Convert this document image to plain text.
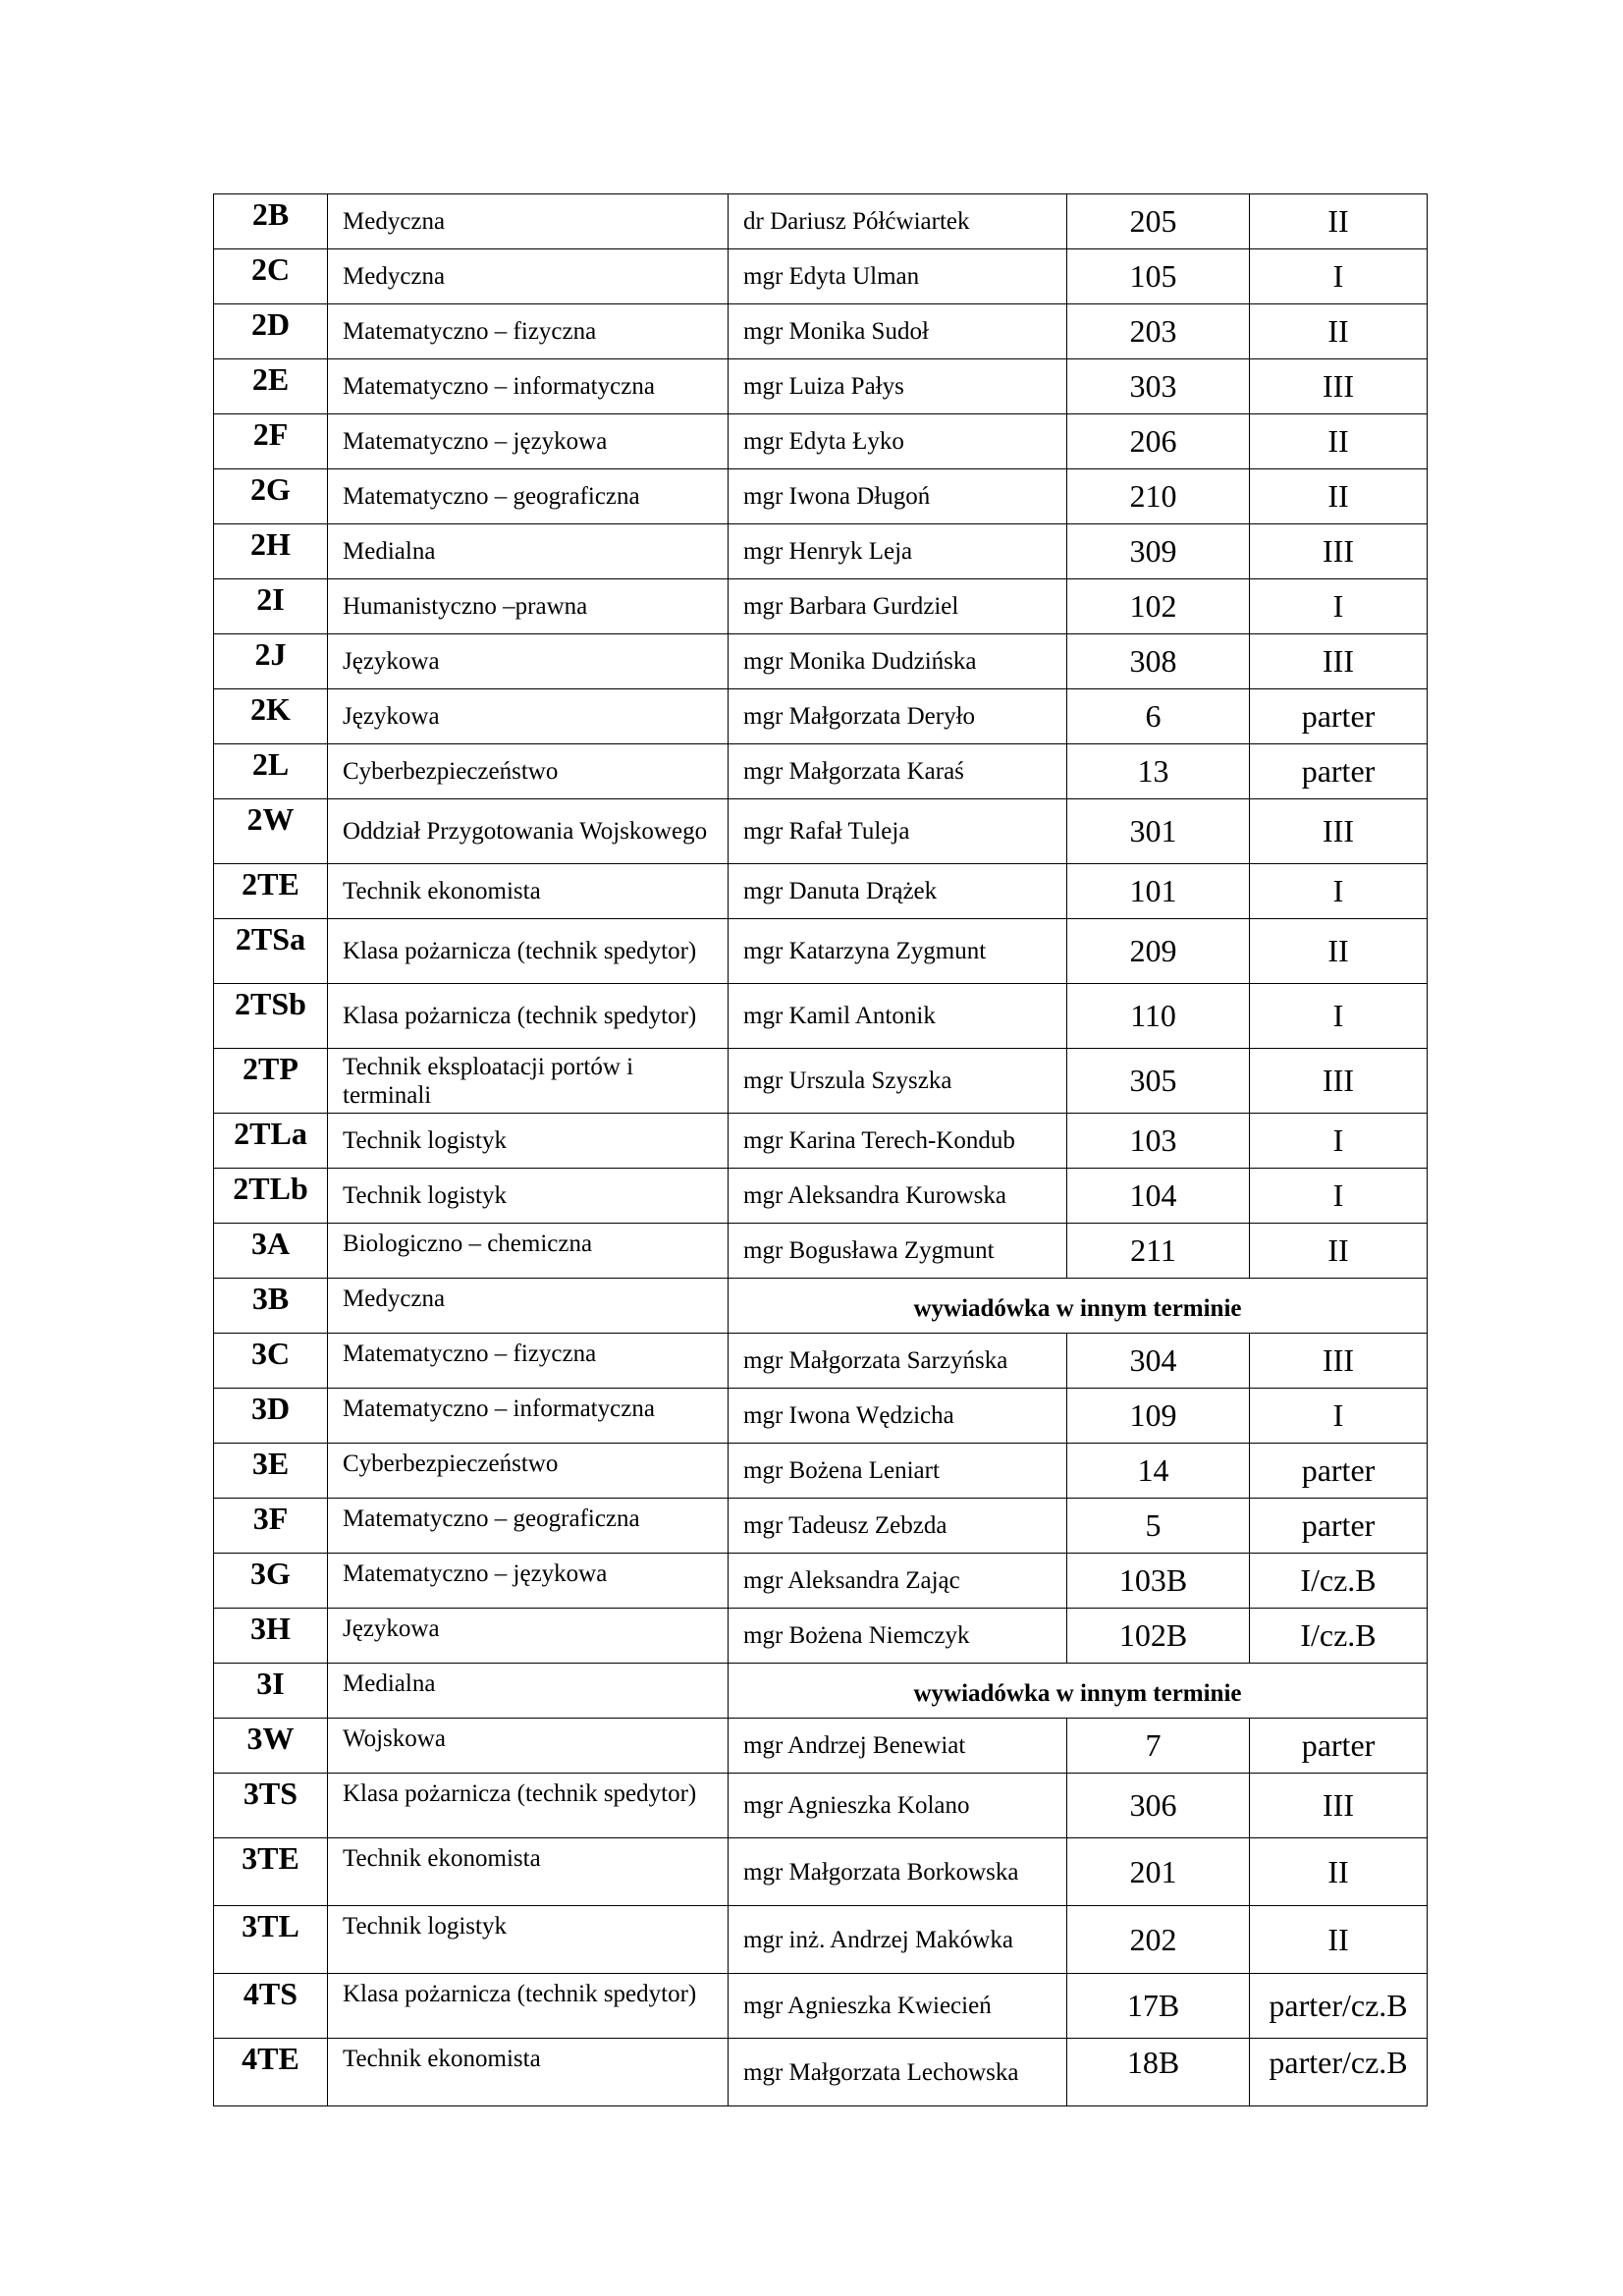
2B	Medyczna	dr Dariusz Półćwiartek	205	II
2C	Medyczna	mgr Edyta Ulman	105	I
2D	Matematyczno – fizyczna	mgr Monika Sudoł	203	II
2E	Matematyczno – informatyczna	mgr Luiza Pałys	303	III
2F	Matematyczno – językowa	mgr Edyta Łyko	206	II
2G	Matematyczno – geograficzna	mgr Iwona Długoń	210	II
2H	Medialna	mgr Henryk Leja	309	III
2I	Humanistyczno –prawna	mgr Barbara Gurdziel	102	I
2J	Językowa	mgr Monika Dudzińska	308	III
2K	Językowa	mgr Małgorzata Deryło	6	parter
2L	Cyberbezpieczeństwo	mgr Małgorzata Karaś	13	parter
2W	Oddział Przygotowania Wojskowego	mgr Rafał Tuleja	301	III
2TE	Technik ekonomista	mgr Danuta Drążek	101	I
2TSa	Klasa pożarnicza (technik spedytor)	mgr Katarzyna Zygmunt	209	II
2TSb	Klasa pożarnicza (technik spedytor)	mgr Kamil Antonik	110	I
2TP	Technik eksploatacji portów i terminali	mgr Urszula Szyszka	305	III
2TLa	Technik logistyk	mgr Karina Terech-Kondub	103	I
2TLb	Technik logistyk	mgr Aleksandra Kurowska	104	I
3A	Biologiczno – chemiczna	mgr Bogusława Zygmunt	211	II
3B	Medyczna	wywiadówka w innym terminie		
3C	Matematyczno – fizyczna	mgr Małgorzata Sarzyńska	304	III
3D	Matematyczno – informatyczna	mgr Iwona Wędzicha	109	I
3E	Cyberbezpieczeństwo	mgr Bożena Leniart	14	parter
3F	Matematyczno – geograficzna	mgr Tadeusz Zebzda	5	parter
3G	Matematyczno – językowa	mgr Aleksandra Zając	103B	I/cz.B
3H	Językowa	mgr Bożena Niemczyk	102B	I/cz.B
3I	Medialna	wywiadówka w innym terminie		
3W	Wojskowa	mgr Andrzej Benewiat	7	parter
3TS	Klasa pożarnicza (technik spedytor)	mgr Agnieszka Kolano	306	III
3TE	Technik ekonomista	mgr Małgorzata Borkowska	201	II
3TL	Technik logistyk	mgr inż. Andrzej Makówka	202	II
4TS	Klasa pożarnicza (technik spedytor)	mgr Agnieszka Kwiecień	17B	parter/cz.B
4TE	Technik ekonomista	mgr Małgorzata Lechowska	18B	parter/cz.B
